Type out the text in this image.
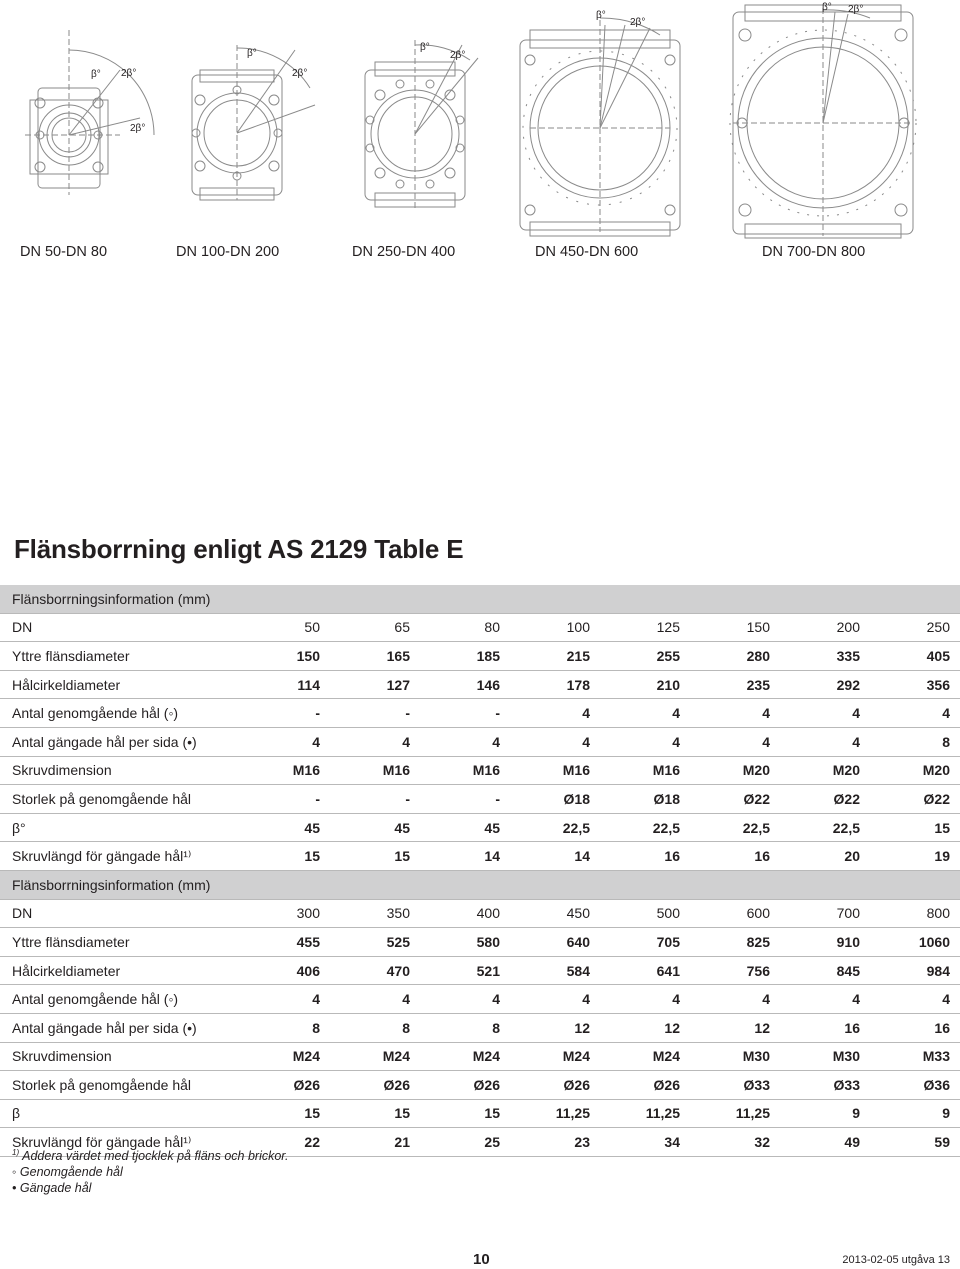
β° 2β°
2β°
β°
2β°
β°
2β°
β°
2β°
β° 2β°
DN 50-DN 80	DN 100-DN 200	DN 250-DN 400	DN 450-DN 600	DN 700-DN 800
Flänsborrning enligt AS 2129 Table E
Flänsborrningsinformation (mm)								
DN	50	65	80	100	125	150	200	250
Yttre flänsdiameter	150	165	185	215	255	280	335	405
Hålcirkeldiameter	114	127	146	178	210	235	292	356
Antal genomgående hål (◦)	-	-	-	4	4	4	4	4
Antal gängade hål per sida (•)	4	4	4	4	4	4	4	8
Skruvdimension	M16	M16	M16	M16	M16	M20	M20	M20
Storlek på genomgående hål	-	-	-	Ø18	Ø18	Ø22	Ø22	Ø22
β°	45	45	45	22,5	22,5	22,5	22,5	15
Skruvlängd för gängade hål¹⁾	15	15	14	14	16	16	20	19
Flänsborrningsinformation (mm)								
DN	300	350	400	450	500	600	700	800
Yttre flänsdiameter	455	525	580	640	705	825	910	1060
Hålcirkeldiameter	406	470	521	584	641	756	845	984
Antal genomgående hål (◦)	4	4	4	4	4	4	4	4
Antal gängade hål per sida (•)	8	8	8	12	12	12	16	16
Skruvdimension	M24	M24	M24	M24	M24	M30	M30	M33
Storlek på genomgående hål	Ø26	Ø26	Ø26	Ø26	Ø26	Ø33	Ø33	Ø36
β	15	15	15	11,25	11,25	11,25	9	9
Skruvlängd för gängade hål¹⁾	22	21	25	23	34	32	49	59
$^{1)}$ Addera värdet med tjocklek på fläns och brickor.
◦ Genomgående hål
• Gängade hål
10	2013-02-05 utgåva 13
